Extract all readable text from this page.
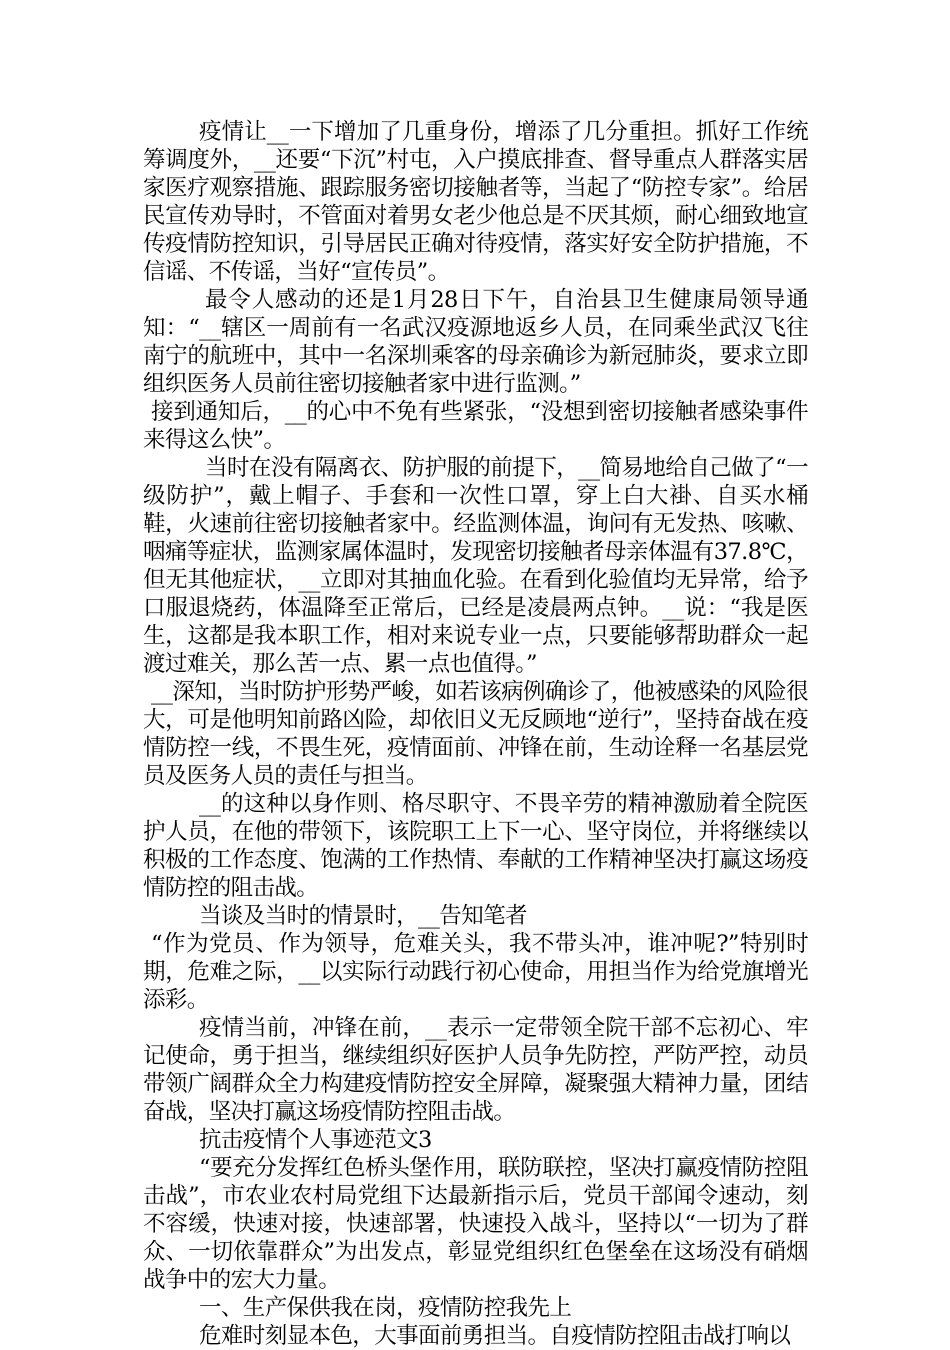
疫情让__一下增加了几重身份，增添了几分重担。抓好工作统筹调度外，__还要“下沉”村屯，入户摸底排查、督导重点人群落实居家医疗观察措施、跟踪服务密切接触者等，当起了“防控专家”。给居民宣传劝导时，不管面对着男女老少他总是不厌其烦，耐心细致地宣传疫情防控知识，引导居民正确对待疫情，落实好安全防护措施，不信谣、不传谣，当好“宣传员”。

最令人感动的还是1月28日下午，自治县卫生健康局领导通知：“__辖区一周前有一名武汉疫源地返乡人员，在同乘坐武汉飞往南宁的航班中，其中一名深圳乘客的母亲确诊为新冠肺炎，要求立即组织医务人员前往密切接触者家中进行监测。”

接到通知后，__的心中不免有些紧张，“没想到密切接触者感染事件来得这么快”。

当时在没有隔离衣、防护服的前提下，__简易地给自己做了“一级防护”，戴上帽子、手套和一次性口罩，穿上白大褂、自买水桶鞋，火速前往密切接触者家中。经监测体温，询问有无发热、咳嗽、咽痛等症状，监测家属体温时，发现密切接触者母亲体温有37.8℃，但无其他症状，__立即对其抽血化验。在看到化验值均无异常，给予口服退烧药，体温降至正常后，已经是凌晨两点钟。__说：“我是医生，这都是我本职工作，相对来说专业一点，只要能够帮助群众一起渡过难关，那么苦一点、累一点也值得。”

__深知，当时防护形势严峻，如若该病例确诊了，他被感染的风险很大，可是他明知前路凶险，却依旧义无反顾地“逆行”，坚持奋战在疫情防控一线，不畏生死，疫情面前、冲锋在前，生动诠释一名基层党员及医务人员的责任与担当。

__的这种以身作则、格尽职守、不畏辛劳的精神激励着全院医护人员，在他的带领下，该院职工上下一心、坚守岗位，并将继续以积极的工作态度、饱满的工作热情、奉献的工作精神坚决打赢这场疫情防控的阻击战。

当谈及当时的情景时，__告知笔者

“作为党员、作为领导，危难关头，我不带头冲，谁冲呢?”特别时期，危难之际，__以实际行动践行初心使命，用担当作为给党旗增光添彩。

疫情当前，冲锋在前，__表示一定带领全院干部不忘初心、牢记使命，勇于担当，继续组织好医护人员争先防控，严防严控，动员带领广阔群众全力构建疫情防控安全屏障，凝聚强大精神力量，团结奋战，坚决打赢这场疫情防控阻击战。

抗击疫情个人事迹范文3

“要充分发挥红色桥头堡作用，联防联控，坚决打赢疫情防控阻击战”，市农业农村局党组下达最新指示后，党员干部闻令速动，刻不容缓，快速对接，快速部署，快速投入战斗，坚持以“一切为了群众、一切依靠群众”为出发点，彰显党组织红色堡垒在这场没有硝烟战争中的宏大力量。

一、生产保供我在岗，疫情防控我先上

危难时刻显本色，大事面前勇担当。自疫情防控阻击战打响以
